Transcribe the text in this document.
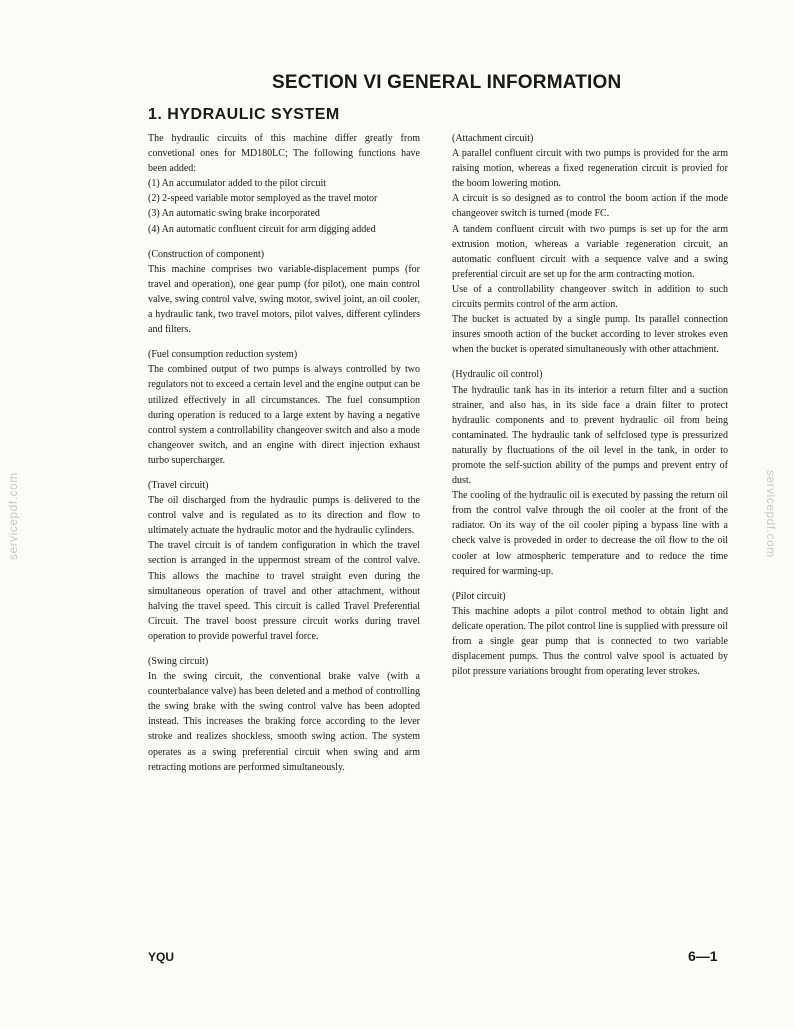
SECTION VI GENERAL INFORMATION
1. HYDRAULIC SYSTEM
The hydraulic circuits of this machine differ greatly from convetional ones for MD180LC; The following functions have been added:
(1) An accumulator added to the pilot circuit
(2) 2-speed variable motor semployed as the travel motor
(3) An automatic swing brake incorporated
(4) An automatic confluent circuit for arm digging added
(Construction of component)
This machine comprises two variable-displacement pumps (for travel and operation), one gear pump (for pilot), one main control valve, swing control valve, swing motor, swivel joint, an oil cooler, a hydraulic tank, two travel motors, pilot valves, different cylinders and filters.
(Fuel consumption reduction system)
The combined output of two pumps is always controlled by two regulators not to exceed a certain level and the engine output can be utilized effectively in all circumstances. The fuel consumption during operation is reduced to a large extent by having a negative control system a controllability changeover switch and also a mode changeover switch, and an engine with direct injection exhaust turbo supercharger.
(Travel circuit)
The oil discharged from the hydraulic pumps is delivered to the control valve and is regulated as to its direction and flow to ultimately actuate the hydraulic motor and the hydraulic cylinders.
The travel circuit is of tandem configuration in which the travel section is arranged in the uppermost stream of the control valve. This allows the machine to travel straight even during the simultaneous operation of travel and other attachment, without halving the travel speed. This circuit is called Travel Preferential Circuit. The travel boost pressure circuit works during travel operation to provide powerful travel force.
(Swing circuit)
In the swing circuit, the conventional brake valve (with a counterbalance valve) has been deleted and a method of controlling the swing brake with the swing control valve has been adopted instead. This increases the braking force according to the lever stroke and realizes shockless, smooth swing action. The system operates as a swing preferential circuit when swing and arm retracting motions are performed simultaneously.
(Attachment circuit)
A parallel confluent circuit with two pumps is provided for the arm raising motion, whereas a fixed regeneration circuit is provied for the boom lowering motion.
A circuit is so designed as to control the boom action if the mode changeover switch is turned (mode FC.
A tandem confluent circuit with two pumps is set up for the arm extrusion motion, whereas a variable regeneration circuit, an automatic confluent circuit with a sequence valve and a swing preferential circuit are set up for the arm contracting motion.
Use of a controllability changeover switch in addition to such circuits permits control of the arm action.
The bucket is actuated by a single pump. Its parallel connection insures smooth action of the bucket according to lever strokes even when the bucket is operated simultaneously with other attachment.
(Hydraulic oil control)
The hydraulic tank has in its interior a return filter and a suction strainer, and also has, in its side face a drain filter to protect hydraulic components and to prevent hydraulic oil from being contaminated. The hydraulic tank of selfclosed type is pressurized naturally by fluctuations of the oil level in the tank, in order to promote the self-suction ability of the pumps and prevent entry of dust.
The cooling of the hydraulic oil is executed by passing the return oil from the control valve through the oil cooler at the front of the radiator. On its way of the oil cooler piping a bypass line with a check valve is proveded in order to decrease the oil flow to the oil cooler at low atmospheric temperature and to reduce the time required for warming-up.
(Pilot circuit)
This machine adopts a pilot control method to obtain light and delicate operation. The pilot control line is supplied with pressure oil from a single gear pump that is connected to two variable displacement pumps. Thus the control valve spool is actuated by pilot pressure variations brought from operating lever strokes.
servicepdf.com	servicepdf.com
YQU	6—1
